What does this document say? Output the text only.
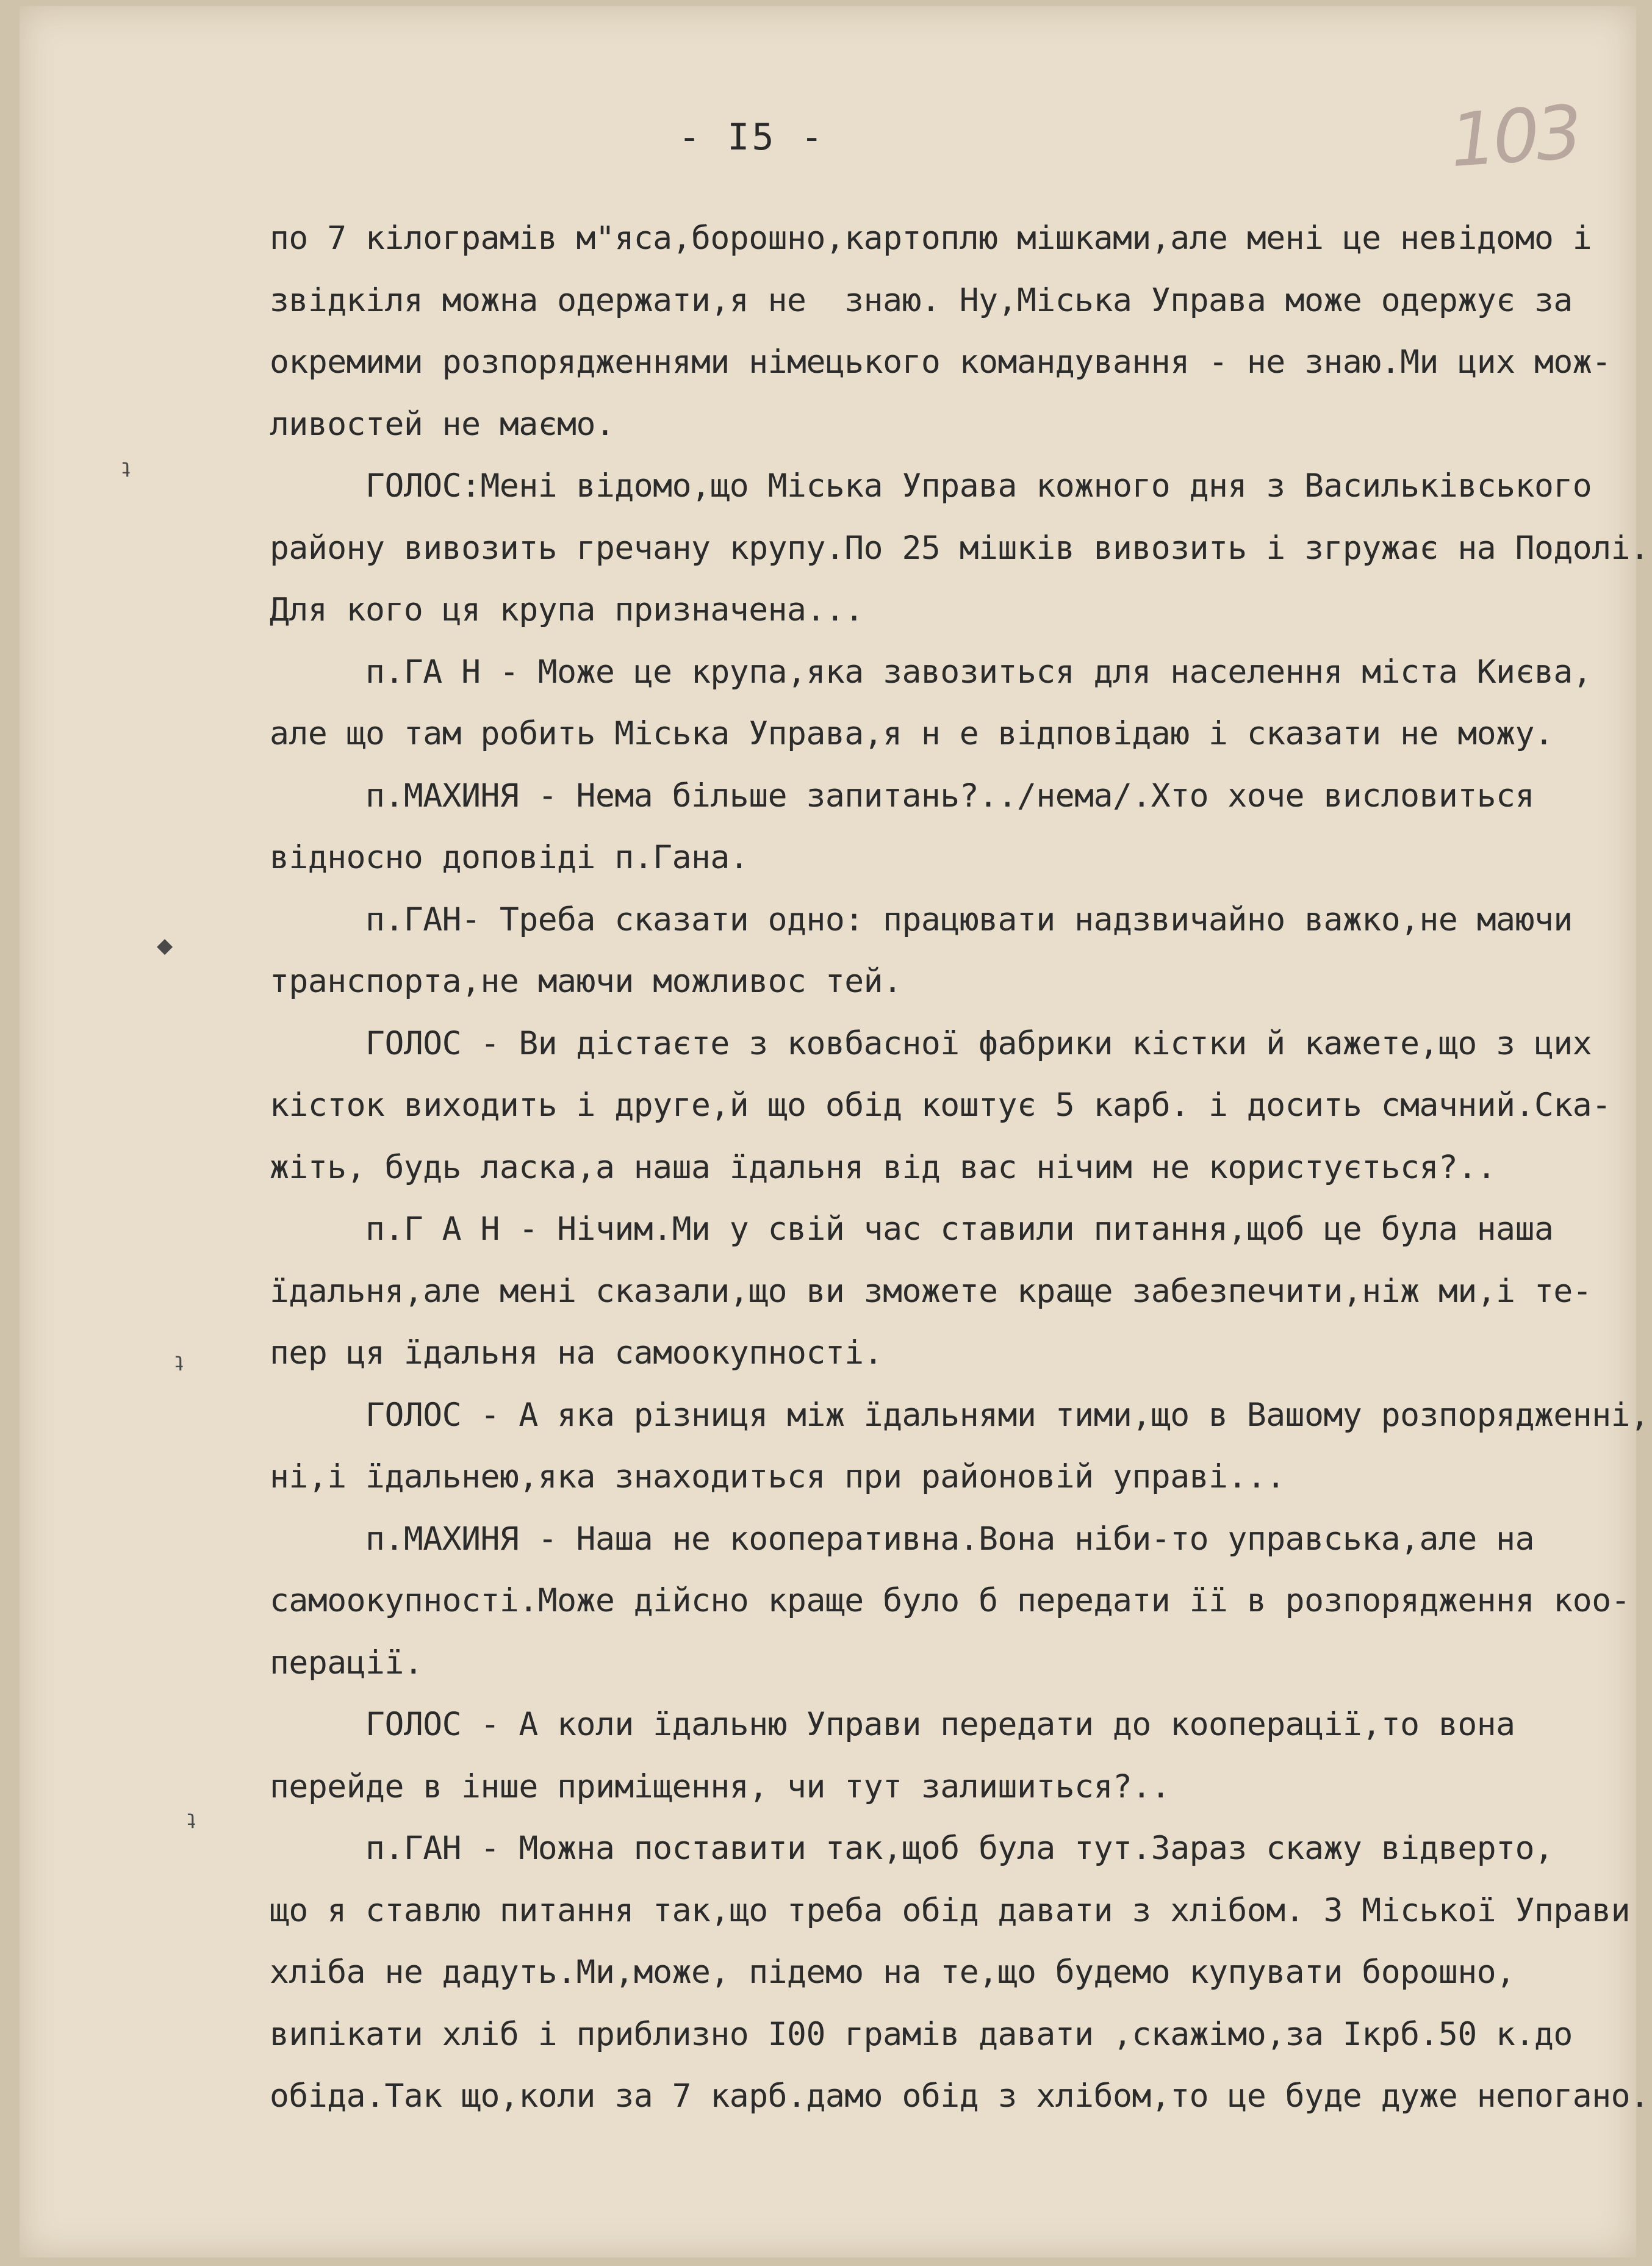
- I5 -	103
ʇ
◆
ʇ
ʇ
по 7 кілограмів м"яса,борошно,картоплю мішками,але мені це невідомо і
звідкіля можна одержати,я не  знаю. Ну,Міська Управа може одержує за
окремими розпорядженнями німецького командування - не знаю.Ми цих мож-
ливостей не маємо.
ГОЛОС:Мені відомо,що Міська Управа кожного дня з Васильківського
району вивозить гречану крупу.По 25 мішків вивозить і згружає на Подолі.
Для кого ця крупа призначена...
п.ГА Н - Може це крупа,яка завозиться для населення міста Києва,
але що там робить Міська Управа,я н е відповідаю і сказати не можу.
п.МАХИНЯ - Нема більше запитань?../нема/.Хто хоче висловиться
відносно доповіді п.Гана.
п.ГАН- Треба сказати одно: працювати надзвичайно важко,не маючи
транспорта,не маючи можливос тей.
ГОЛОС - Ви дістаєте з ковбасної фабрики кістки й кажете,що з цих
кісток виходить і друге,й що обід коштує 5 карб. і досить смачний.Ска-
жіть, будь ласка,а наша їдальня від вас нічим не користується?..
п.Г А Н - Нічим.Ми у свій час ставили питання,щоб це була наша
їдальня,але мені сказали,що ви зможете краще забезпечити,ніж ми,і те-
пер ця їдальня на самоокупності.
ГОЛОС - А яка різниця між їдальнями тими,що в Вашому розпорядженні,
ні,і їдальнею,яка знаходиться при районовій управі...
п.МАХИНЯ - Наша не кооперативна.Вона ніби-то управська,але на
самоокупності.Може дійсно краще було б передати її в розпорядження коо-
перації.
ГОЛОС - А коли їдальню Управи передати до кооперації,то вона
перейде в інше приміщення, чи тут залишиться?..
п.ГАН - Можна поставити так,щоб була тут.Зараз скажу відверто,
що я ставлю питання так,що треба обід давати з хлібом. З Міської Управи
хліба не дадуть.Ми,може, підемо на те,що будемо купувати борошно,
випікати хліб і приблизно I00 грамів давати ,скажімо,за Iкрб.50 к.до
обіда.Так що,коли за 7 карб.дамо обід з хлібом,то це буде дуже непогано.
